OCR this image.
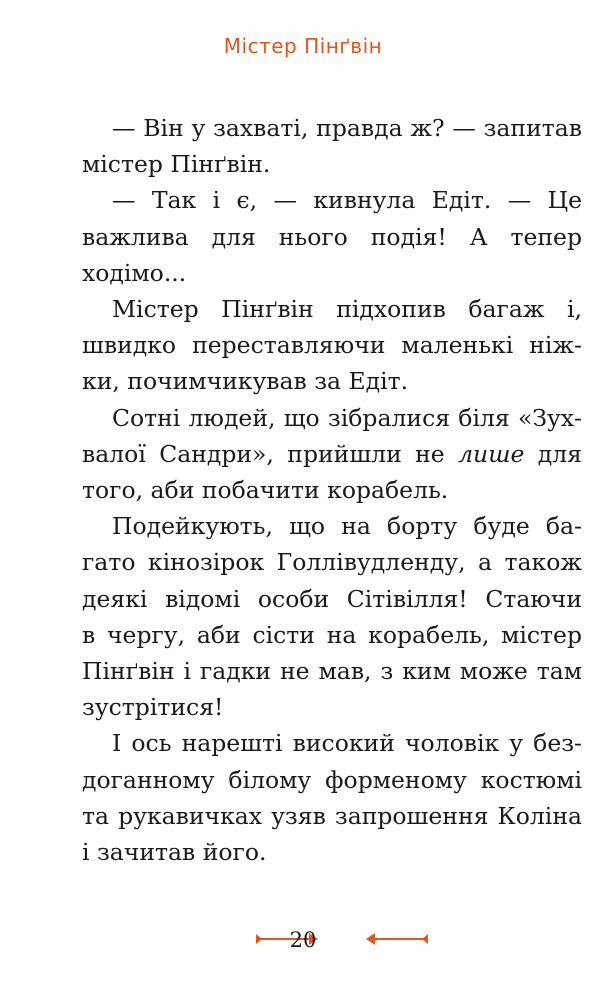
Містер Пінґвін

— Він у захваті, правда ж? — запитав
містер Пінґвін.

— Так і є, — кивнула Едіт. — Це
важлива для нього подія! А тепер
ходімо...

Містер Пінґвін підхопив багаж і,
швидко переставляючи маленькі ніж-
ки, почимчикував за Едіт.

Сотні людей, що зібралися біля «Зух-
валої Сандри», прийшли не лише для
того, аби побачити корабель.

Подейкують, що на борту буде ба-
гато кінозірок Голлівудленду, а також
деякі відомі особи Сітівілля! Стаючи
в чергу, аби сісти на корабель, містер
Пінґвін і гадки не мав, з ким може там
зустрітися!

І ось нарешті високий чоловік у без-
доганному білому форменому костюмі
та рукавичках узяв запрошення Коліна
і зачитав його.

20
